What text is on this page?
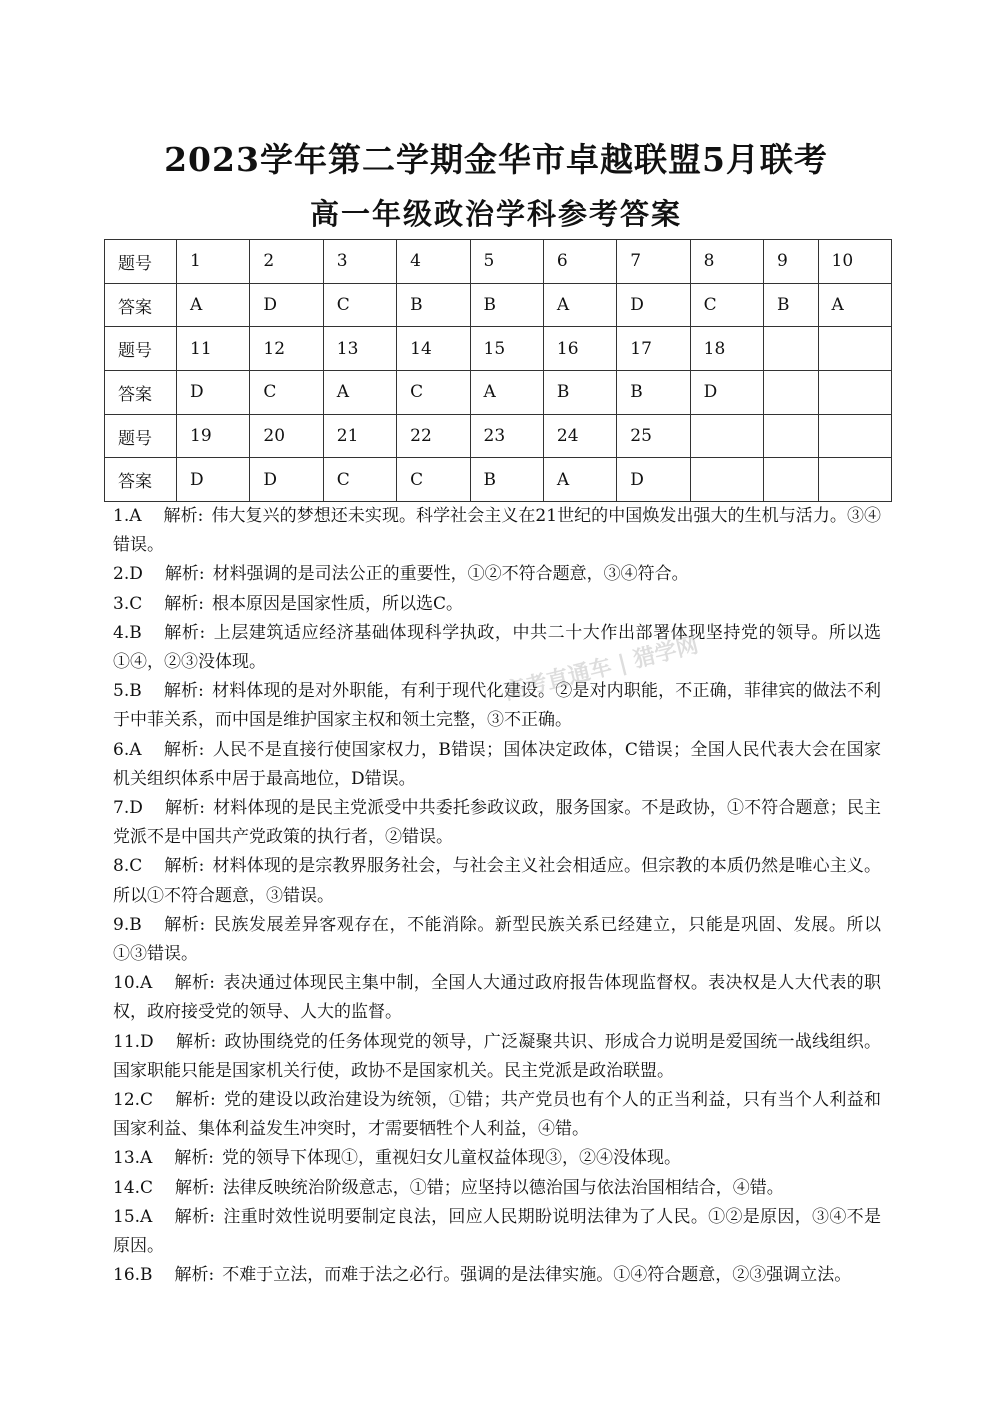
2023学年第二学期金华市卓越联盟5月联考
高一年级政治学科参考答案
题号	1	2	3	4	5	6	7	8	9	10
答案	A	D	C	B	B	A	D	C	B	A
题号	11	12	13	14	15	16	17	18		
答案	D	C	A	C	A	B	B	D		
题号	19	20	21	22	23	24	25			
答案	D	D	C	C	B	A	D			
1.A 解析: 伟大复兴的梦想还未实现。科学社会主义在21世纪的中国焕发出强大的生机与活力。③④错误。
2.D 解析: 材料强调的是司法公正的重要性，①②不符合题意，③④符合。
3.C 解析: 根本原因是国家性质，所以选C。
4.B 解析: 上层建筑适应经济基础体现科学执政，中共二十大作出部署体现坚持党的领导。所以选①④，②③没体现。
5.B 解析: 材料体现的是对外职能，有利于现代化建设。②是对内职能，不正确，菲律宾的做法不利于中菲关系，而中国是维护国家主权和领土完整，③不正确。
6.A 解析: 人民不是直接行使国家权力，B错误；国体决定政体，C错误；全国人民代表大会在国家机关组织体系中居于最高地位，D错误。
7.D 解析: 材料体现的是民主党派受中共委托参政议政，服务国家。不是政协，①不符合题意；民主党派不是中国共产党政策的执行者，②错误。
8.C 解析: 材料体现的是宗教界服务社会，与社会主义社会相适应。但宗教的本质仍然是唯心主义。所以①不符合题意，③错误。
9.B 解析: 民族发展差异客观存在，不能消除。新型民族关系已经建立，只能是巩固、发展。所以①③错误。
10.A 解析: 表决通过体现民主集中制，全国人大通过政府报告体现监督权。表决权是人大代表的职权，政府接受党的领导、人大的监督。
11.D 解析: 政协围绕党的任务体现党的领导，广泛凝聚共识、形成合力说明是爱国统一战线组织。国家职能只能是国家机关行使，政协不是国家机关。民主党派是政治联盟。
12.C 解析: 党的建设以政治建设为统领，①错；共产党员也有个人的正当利益，只有当个人利益和国家利益、集体利益发生冲突时，才需要牺牲个人利益，④错。
13.A 解析: 党的领导下体现①，重视妇女儿童权益体现③，②④没体现。
14.C 解析: 法律反映统治阶级意志，①错；应坚持以德治国与依法治国相结合，④错。
15.A 解析: 注重时效性说明要制定良法，回应人民期盼说明法律为了人民。①②是原因，③④不是原因。
16.B 解析: 不难于立法，而难于法之必行。强调的是法律实施。①④符合题意，②③强调立法。
高考直通车 | 猎学网
